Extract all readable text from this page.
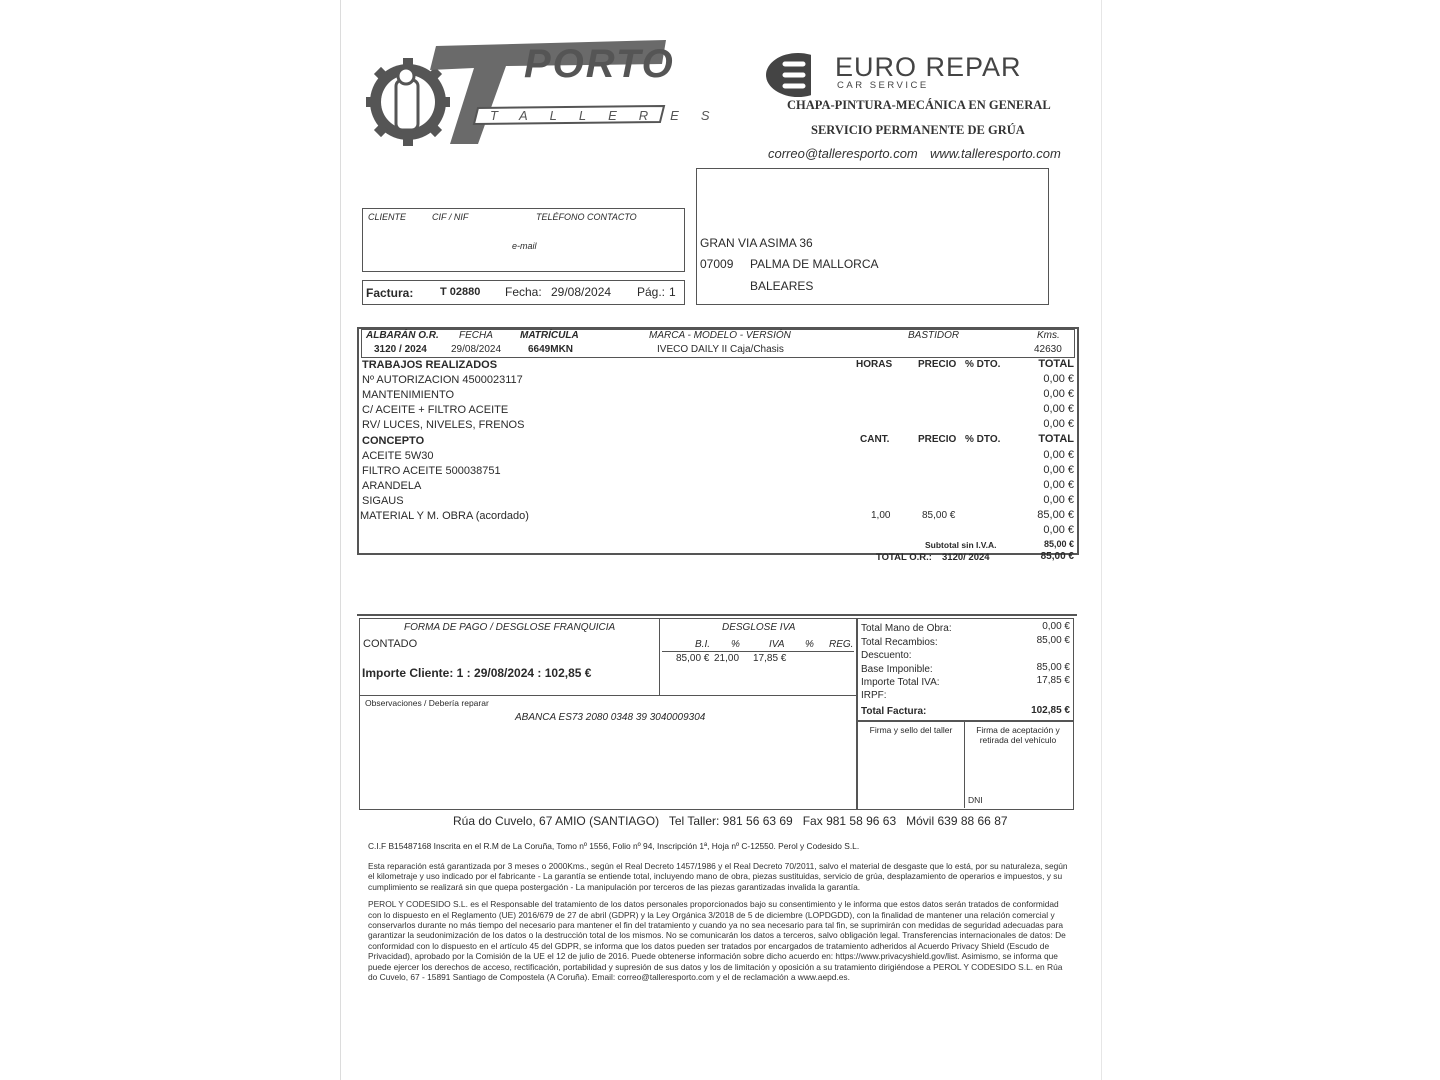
PORTO
TALLERES
EURO REPAR
CAR SERVICE
CHAPA-PINTURA-MECÁNICA EN GENERAL
SERVICIO PERMANENTE DE GRÚA
correo@talleresporto.com www.talleresporto.com
CLIENTE	CIF / NIF	TELÉFONO CONTACTO
e-mail
Factura: T 02880 Fecha: 29/08/2024 Pág.: 1
GRAN VIA ASIMA 36
07009 PALMA DE MALLORCA
BALEARES
ALBARÁN O.R. FECHA	MATRÍCULA	MARCA - MODELO - VERSIÓN	BASTIDOR	Kms.
3120 / 2024 29/08/2024	6649MKN	IVECO DAILY II Caja/Chasis	42630
TRABAJOS REALIZADOS	HORAS	PRECIO % DTO.	TOTAL
Nº AUTORIZACION 4500023117	0,00 €
MANTENIMIENTO	0,00 €
C/ ACEITE + FILTRO ACEITE	0,00 €
RV/ LUCES, NIVELES, FRENOS	0,00 €
CONCEPTO	CANT.	PRECIO % DTO.	TOTAL
ACEITE 5W30	0,00 €
FILTRO ACEITE 500038751	0,00 €
ARANDELA	0,00 €
SIGAUS	0,00 €
MATERIAL Y M. OBRA (acordado)	1,00	85,00 €	85,00 €
0,00 €
Subtotal sin I.V.A.	85,00 €
TOTAL O.R.: 3120/ 2024	85,00 €
FORMA DE PAGO / DESGLOSE FRANQUICIA
CONTADO
Importe Cliente: 1 : 29/08/2024 : 102,85 €
DESGLOSE IVA
B.I. %	IVA % REG.
85,00 € 21,00 17,85 €
Observaciones / Debería reparar
ABANCA ES73 2080 0348 39 3040009304
Total Mano de Obra:	0,00 €
Total Recambios:	85,00 €
Descuento:
Base Imponible:	85,00 €
Importe Total IVA:	17,85 €
IRPF:
Total Factura:	102,85 €
Firma y sello del taller	Firma de aceptación y retirada del vehículo
DNI
Rúa do Cuvelo, 67 AMIO (SANTIAGO)   Tel Taller: 981 56 63 69   Fax 981 58 96 63   Móvil 639 88 66 87
C.I.F B15487168 Inscrita en el R.M de La Coruña, Tomo nº 1556, Folio nº 94, Inscripción 1ª, Hoja nº C-12550. Perol y Codesido S.L.

Esta reparación está garantizada por 3 meses o 2000Kms., según el Real Decreto 1457/1986 y el Real Decreto 70/2011, salvo el material de desgaste que lo está, por su naturaleza, según el kilometraje y uso indicado por el fabricante - La garantía se entiende total, incluyendo mano de obra, piezas sustituidas, servicio de grúa, desplazamiento de operarios e impuestos, y su cumplimiento se realizará sin que quepa postergación - La manipulación por terceros de las piezas garantizadas invalida la garantía.

PEROL Y CODESIDO S.L. es el Responsable del tratamiento de los datos personales proporcionados bajo su consentimiento y le informa que estos datos serán tratados de conformidad con lo dispuesto en el Reglamento (UE) 2016/679 de 27 de abril (GDPR) y la Ley Orgánica 3/2018 de 5 de diciembre (LOPDGDD), con la finalidad de mantener una relación comercial y conservarlos durante no más tiempo del necesario para mantener el fin del tratamiento y cuando ya no sea necesario para tal fin, se suprimirán con medidas de seguridad adecuadas para garantizar la seudonimización de los datos o la destrucción total de los mismos. No se comunicarán los datos a terceros, salvo obligación legal. Transferencias internacionales de datos: De conformidad con lo dispuesto en el artículo 45 del GDPR, se informa que los datos pueden ser tratados por encargados de tratamiento adheridos al Acuerdo Privacy Shield (Escudo de Privacidad), aprobado por la Comisión de la UE el 12 de julio de 2016. Puede obtenerse información sobre dicho acuerdo en: https://www.privacyshield.gov/list. Asimismo, se informa que puede ejercer los derechos de acceso, rectificación, portabilidad y supresión de sus datos y los de limitación y oposición a su tratamiento dirigiéndose a PEROL Y CODESIDO S.L. en Rúa do Cuvelo, 67 - 15891 Santiago de Compostela (A Coruña). Email: correo@talleresporto.com y el de reclamación a www.aepd.es.
